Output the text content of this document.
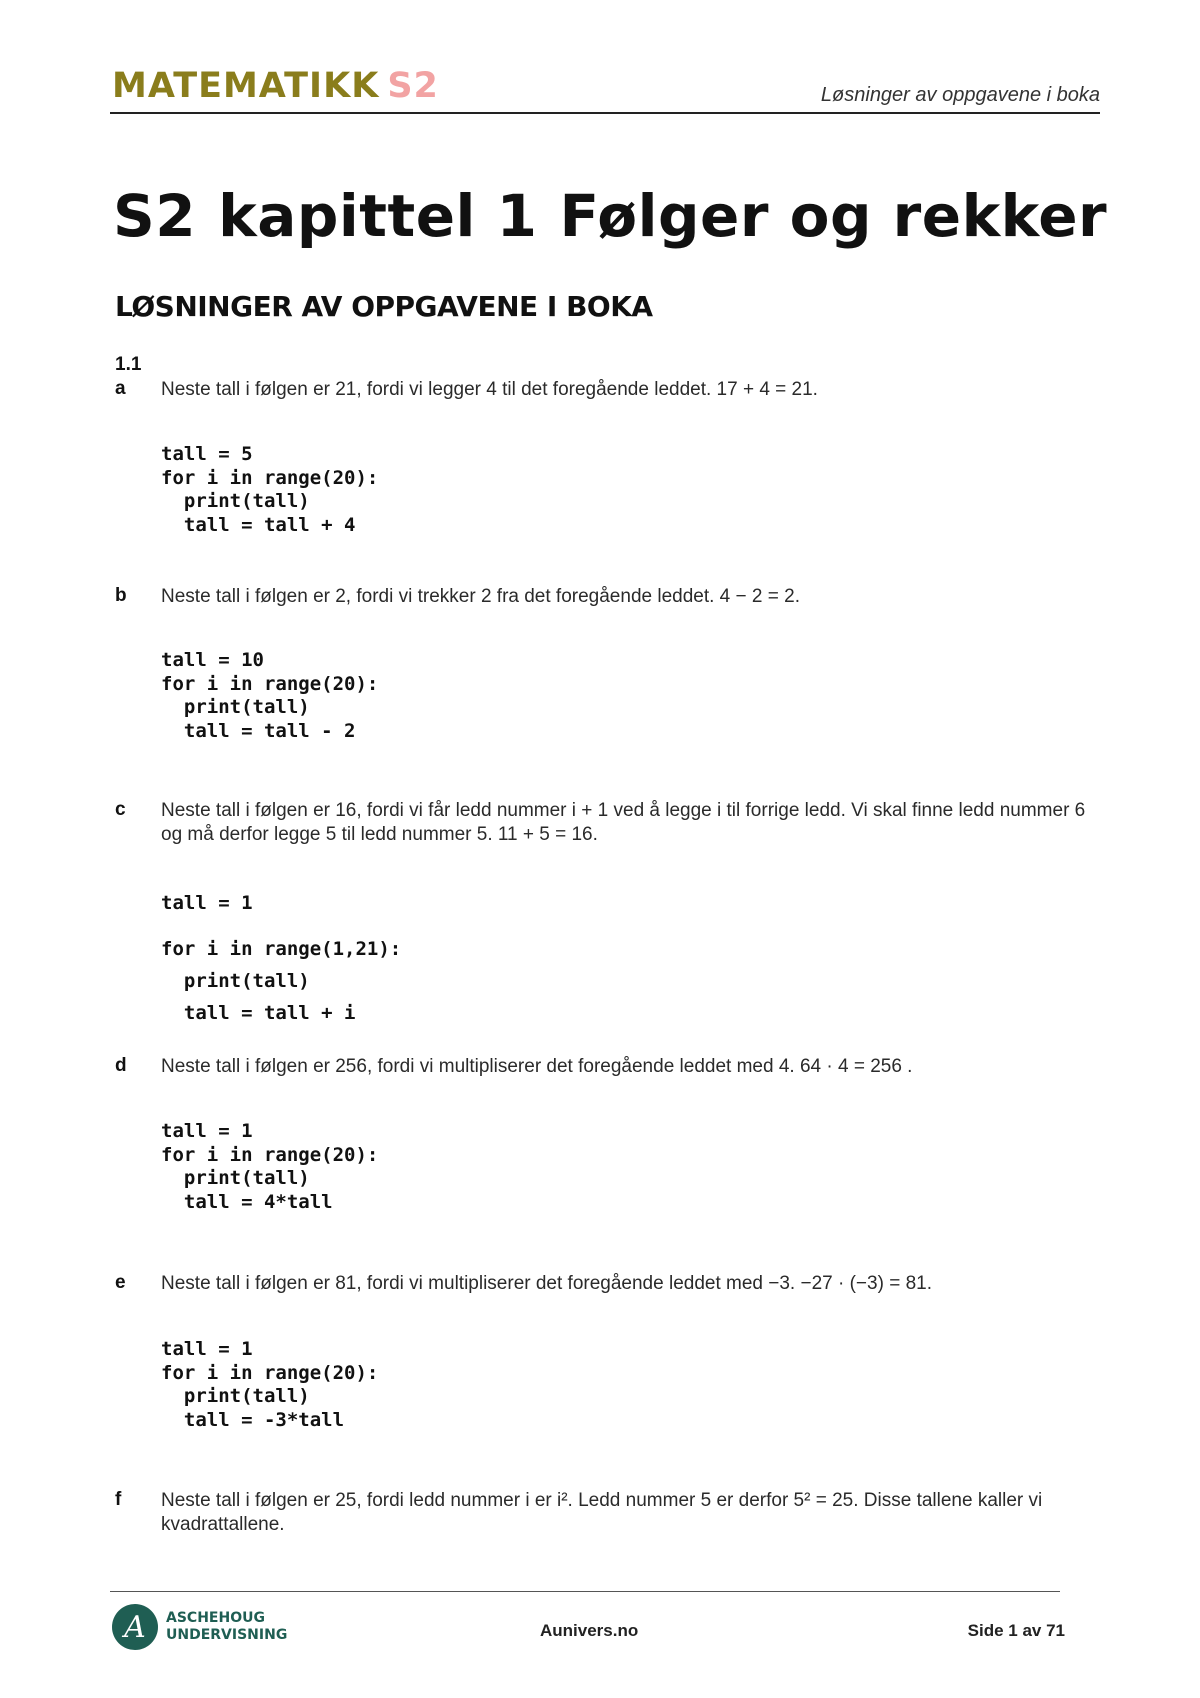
MATEMATIKK S2	Løsninger av oppgavene i boka
S2 kapittel 1 Følger og rekker
LØSNINGER AV OPPGAVENE I BOKA
1.1
a Neste tall i følgen er 21, fordi vi legger 4 til det foregående leddet. 17 + 4 = 21.
tall = 5
for i in range(20):
print(tall)
tall = tall + 4
b Neste tall i følgen er 2, fordi vi trekker 2 fra det foregående leddet. 4 − 2 = 2.
tall = 10
for i in range(20):
print(tall)
tall = tall - 2
c Neste tall i følgen er 16, fordi vi får ledd nummer i + 1 ved å legge i til forrige ledd. Vi skal finne ledd nummer 6 og må derfor legge 5 til ledd nummer 5. 11 + 5 = 16.
tall = 1
for i in range(1,21):
print(tall)
tall = tall + i
d Neste tall i følgen er 256, fordi vi multipliserer det foregående leddet med 4. 64 · 4 = 256 .
tall = 1
for i in range(20):
print(tall)
tall = 4*tall
e Neste tall i følgen er 81, fordi vi multipliserer det foregående leddet med −3. −27 · (−3) = 81.
tall = 1
for i in range(20):
print(tall)
tall = -3*tall
f Neste tall i følgen er 25, fordi ledd nummer i er i². Ledd nummer 5 er derfor 5² = 25. Disse tallene kaller vi kvadrattallene.
A	ASCHEHOUG
UNDERVISNING	Aunivers.no	Side 1 av 71
